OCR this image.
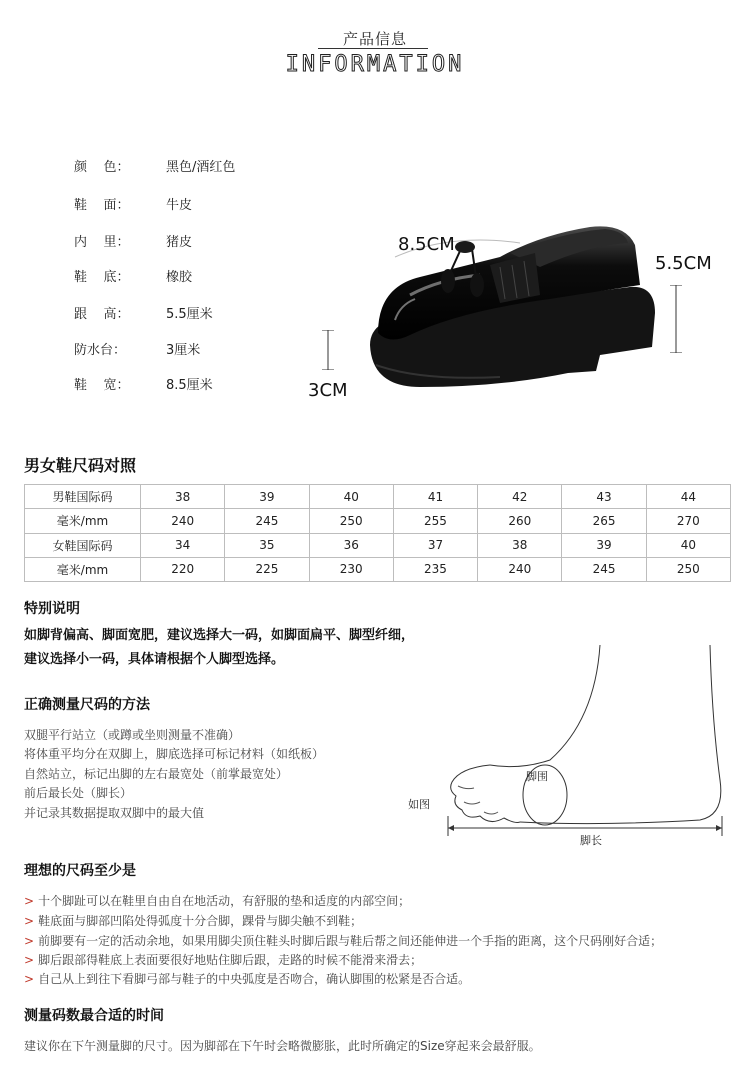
产品信息
INFORMATION
颜    色：	黑色/酒红色
鞋    面：	牛皮
内    里：	猪皮
鞋    底：	橡胶
跟    高：	5.5厘米
防水台：	3厘米
鞋    宽：	8.5厘米
8.5CM
5.5CM
3CM
男女鞋尺码对照
男鞋国际码	38	39	40	41	42	43	44
毫米/mm	240	245	250	255	260	265	270
女鞋国际码	34	35	36	37	38	39	40
毫米/mm	220	225	230	235	240	245	250
特别说明
如脚背偏高、脚面宽肥，建议选择大一码，如脚面扁平、脚型纤细，
建议选择小一码，具体请根据个人脚型选择。
脚围
如图
脚长
正确测量尺码的方法
双腿平行站立（或蹲或坐则测量不准确）
将体重平均分在双脚上，脚底选择可标记材料（如纸板）
自然站立，标记出脚的左右最宽处（前掌最宽处）
前后最长处（脚长）
并记录其数据提取双脚中的最大值
理想的尺码至少是
> 十个脚趾可以在鞋里自由自在地活动，有舒服的垫和适度的内部空间；
> 鞋底面与脚部凹陷处得弧度十分合脚，踝骨与脚尖触不到鞋；
> 前脚要有一定的活动余地，如果用脚尖顶住鞋头时脚后跟与鞋后帮之间还能伸进一个手指的距离，这个尺码刚好合适；
> 脚后跟部得鞋底上表面要很好地贴住脚后跟，走路的时候不能滑来滑去；
> 自己从上到往下看脚弓部与鞋子的中央弧度是否吻合，确认脚围的松紧是否合适。
测量码数最合适的时间
建议你在下午测量脚的尺寸。因为脚部在下午时会略微膨胀，此时所确定的Size穿起来会最舒服。
